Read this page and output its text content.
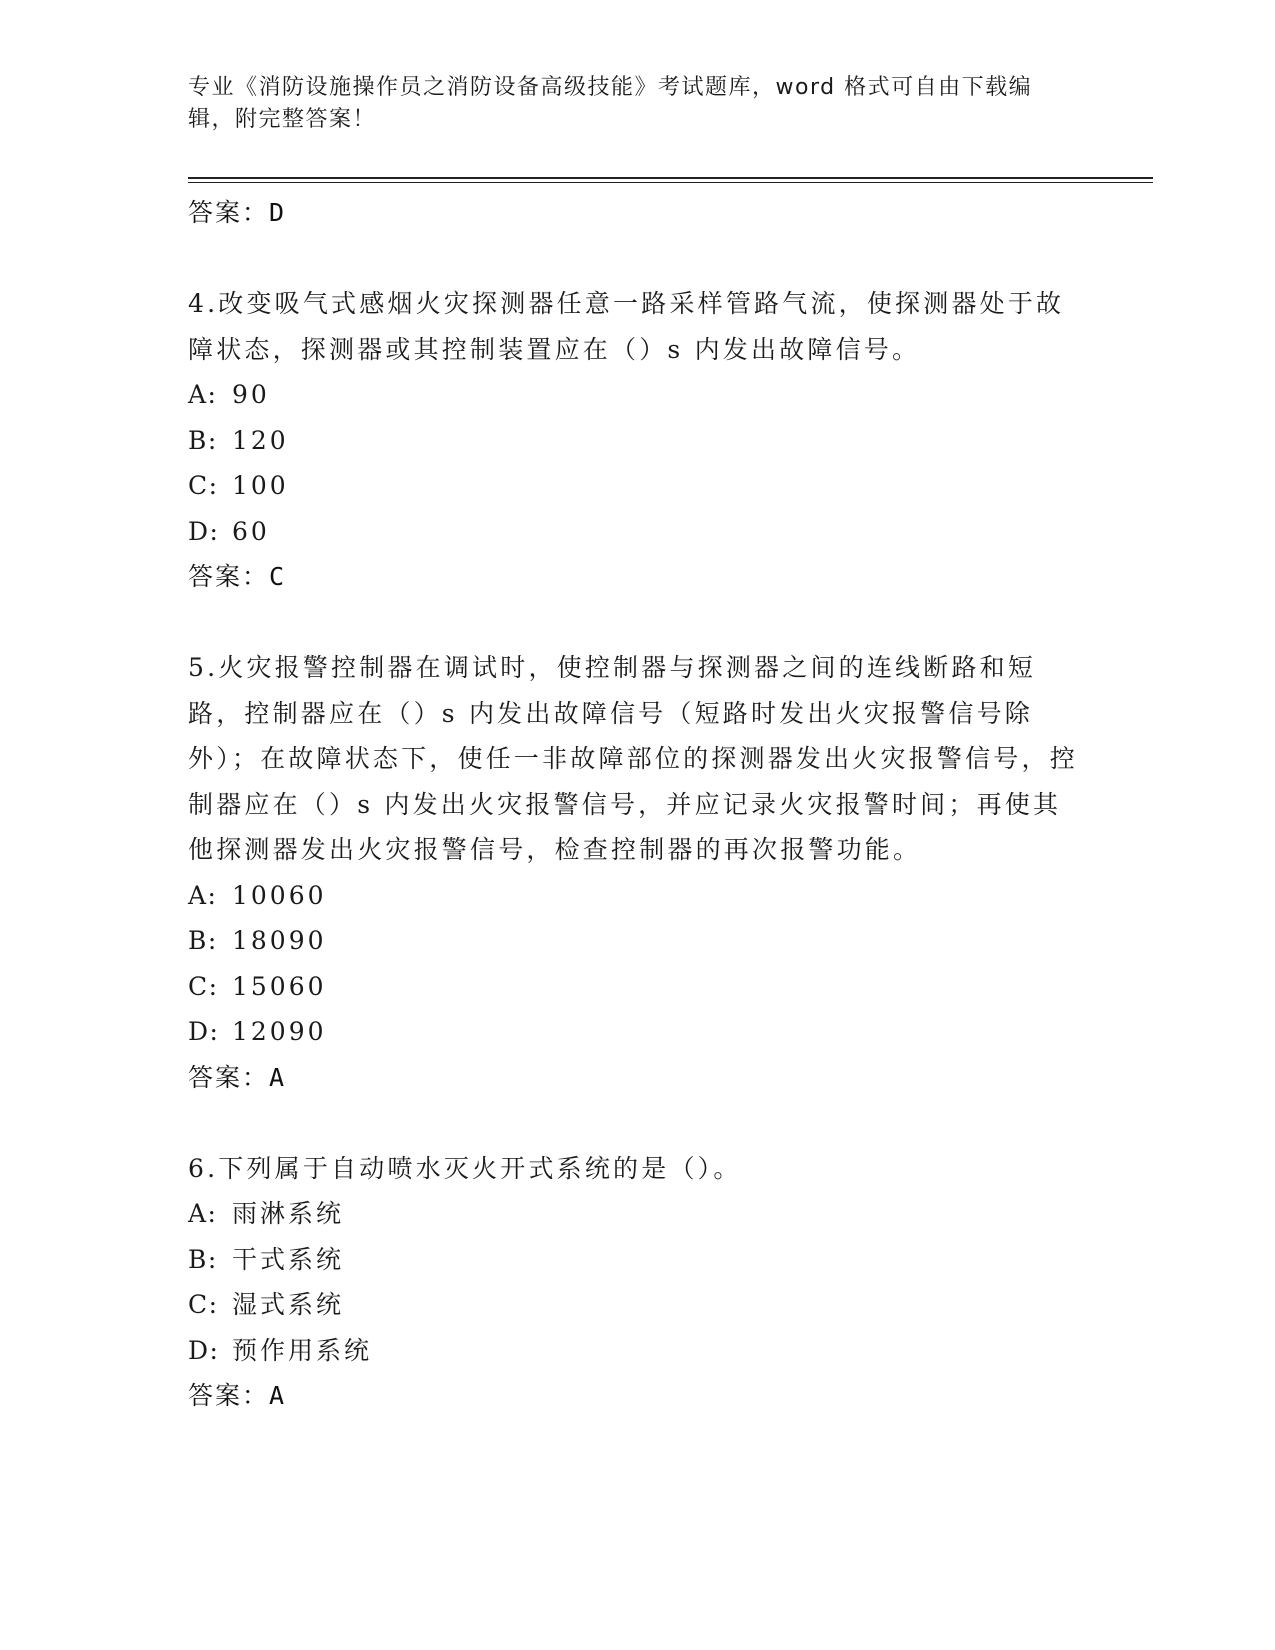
专业《消防设施操作员之消防设备高级技能》考试题库，word 格式可自由下载编
辑，附完整答案！
答案：D
4.改变吸气式感烟火灾探测器任意一路采样管路气流，使探测器处于故障状态，探测器或其控制装置应在（）s 内发出故障信号。
A: 90
B: 120
C: 100
D: 60
答案：C
5.火灾报警控制器在调试时，使控制器与探测器之间的连线断路和短路，控制器应在（）s 内发出故障信号（短路时发出火灾报警信号除外）；在故障状态下，使任一非故障部位的探测器发出火灾报警信号，控制器应在（）s 内发出火灾报警信号，并应记录火灾报警时间；再使其他探测器发出火灾报警信号，检查控制器的再次报警功能。
A: 10060
B: 18090
C: 15060
D: 12090
答案：A
6.下列属于自动喷水灭火开式系统的是（）。
A: 雨淋系统
B: 干式系统
C: 湿式系统
D: 预作用系统
答案：A
